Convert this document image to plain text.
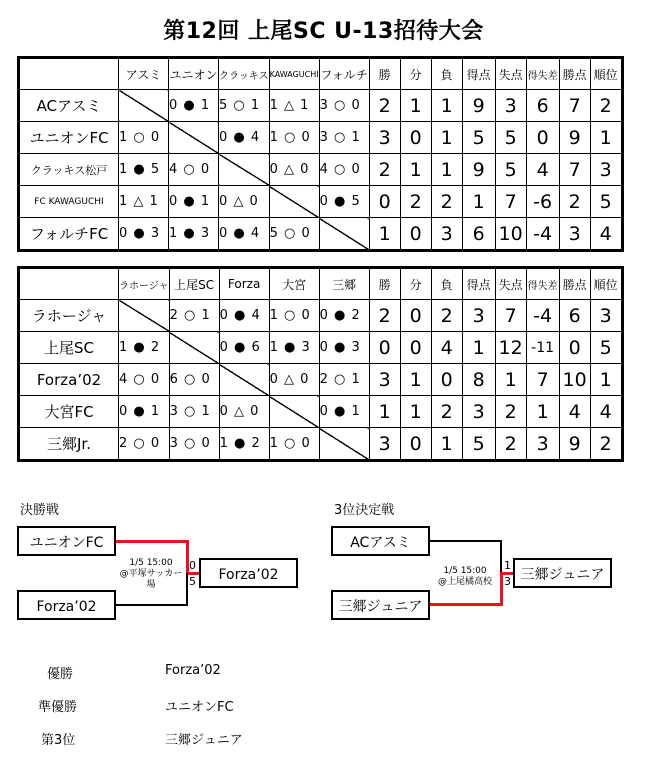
第12回 上尾SC U-13招待大会
	アスミ	ユニオン	クラッキス	KAWAGUCHI	フォルチ	勝	分	負	得点	失点	得失差	勝点	順位
ACアスミ		0 ● 1	5 ○ 1	1 △ 1	3 ○ 0	2	1	1	9	3	6	7	2
ユニオンFC	1 ○ 0		0 ● 4	1 ○ 0	3 ○ 1	3	0	1	5	5	0	9	1
クラッキス松戸	1 ● 5	4 ○ 0		0 △ 0	4 ○ 0	2	1	1	9	5	4	7	3
FC KAWAGUCHI	1 △ 1	0 ● 1	0 △ 0		0 ● 5	0	2	2	1	7	-6	2	5
フォルチFC	0 ● 3	1 ● 3	0 ● 4	5 ○ 0		1	0	3	6	10	-4	3	4
	ラホージャ	上尾SC	Forza	大宮	三郷	勝	分	負	得点	失点	得失差	勝点	順位
ラホージャ		2 ○ 1	0 ● 4	1 ○ 0	0 ● 2	2	0	2	3	7	-4	6	3
上尾SC	1 ● 2		0 ● 6	1 ● 3	0 ● 3	0	0	4	1	12	-11	0	5
Forza’02	4 ○ 0	6 ○ 0		0 △ 0	2 ○ 1	3	1	0	8	1	7	10	1
大宮FC	0 ● 1	3 ○ 1	0 △ 0		0 ● 1	1	1	2	3	2	1	4	4
三郷Jr.	2 ○ 0	3 ○ 0	1 ● 2	1 ○ 0		3	0	1	5	2	3	9	2
決勝戦
ユニオンFC
Forza’02
Forza’02
1/5 15:00
@平塚サッカー場
0
5
3位決定戦
ACアスミ
三郷ジュニア
三郷ジュニア
1/5 15:00
@上尾橘高校
1
3
優勝	Forza’02
準優勝	ユニオンFC
第3位	三郷ジュニア
